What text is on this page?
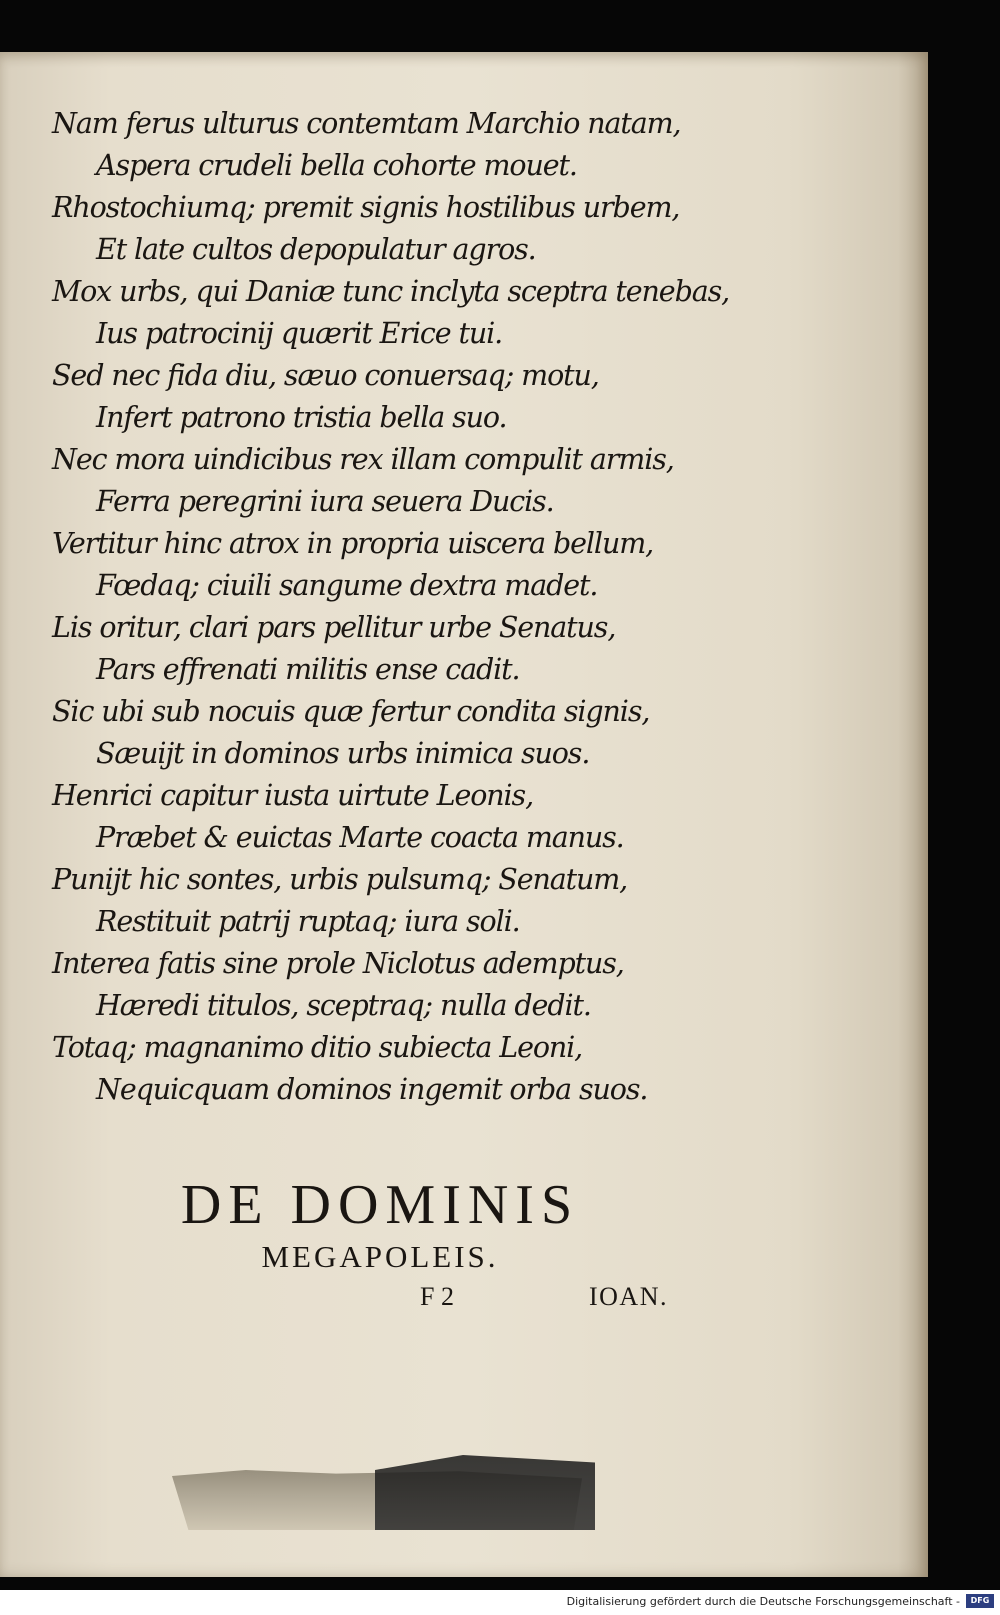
Nam ferus ulturus contemtam Marchio natam,
Aspera crudeli bella cohorte mouet.
Rhostochiumq; premit signis hostilibus urbem,
Et late cultos depopulatur agros.
Mox urbs, qui Daniæ tunc inclyta sceptra tenebas,
Ius patrocinij quærit Erice tui.
Sed nec fida diu, sæuo conuersaq; motu,
Infert patrono tristia bella suo.
Nec mora uindicibus rex illam compulit armis,
Ferra peregrini iura seuera Ducis.
Vertitur hinc atrox in propria uiscera bellum,
Fœdaq; ciuili sangume dextra madet.
Lis oritur, clari pars pellitur urbe Senatus,
Pars effrenati militis ense cadit.
Sic ubi sub nocuis quæ fertur condita signis,
Sæuijt in dominos urbs inimica suos.
Henrici capitur iusta uirtute Leonis,
Præbet & euictas Marte coacta manus.
Punijt hic sontes, urbis pulsumq; Senatum,
Restituit patrij ruptaq; iura soli.
Interea fatis sine prole Niclotus ademptus,
Hæredi titulos, sceptraq; nulla dedit.
Totaq; magnanimo ditio subiecta Leoni,
Nequicquam dominos ingemit orba suos.
DE DOMINIS
MEGAPOLEIS.
F 2	IOAN.
Digitalisierung gefördert durch die Deutsche Forschungsgemeinschaft -	DFG
